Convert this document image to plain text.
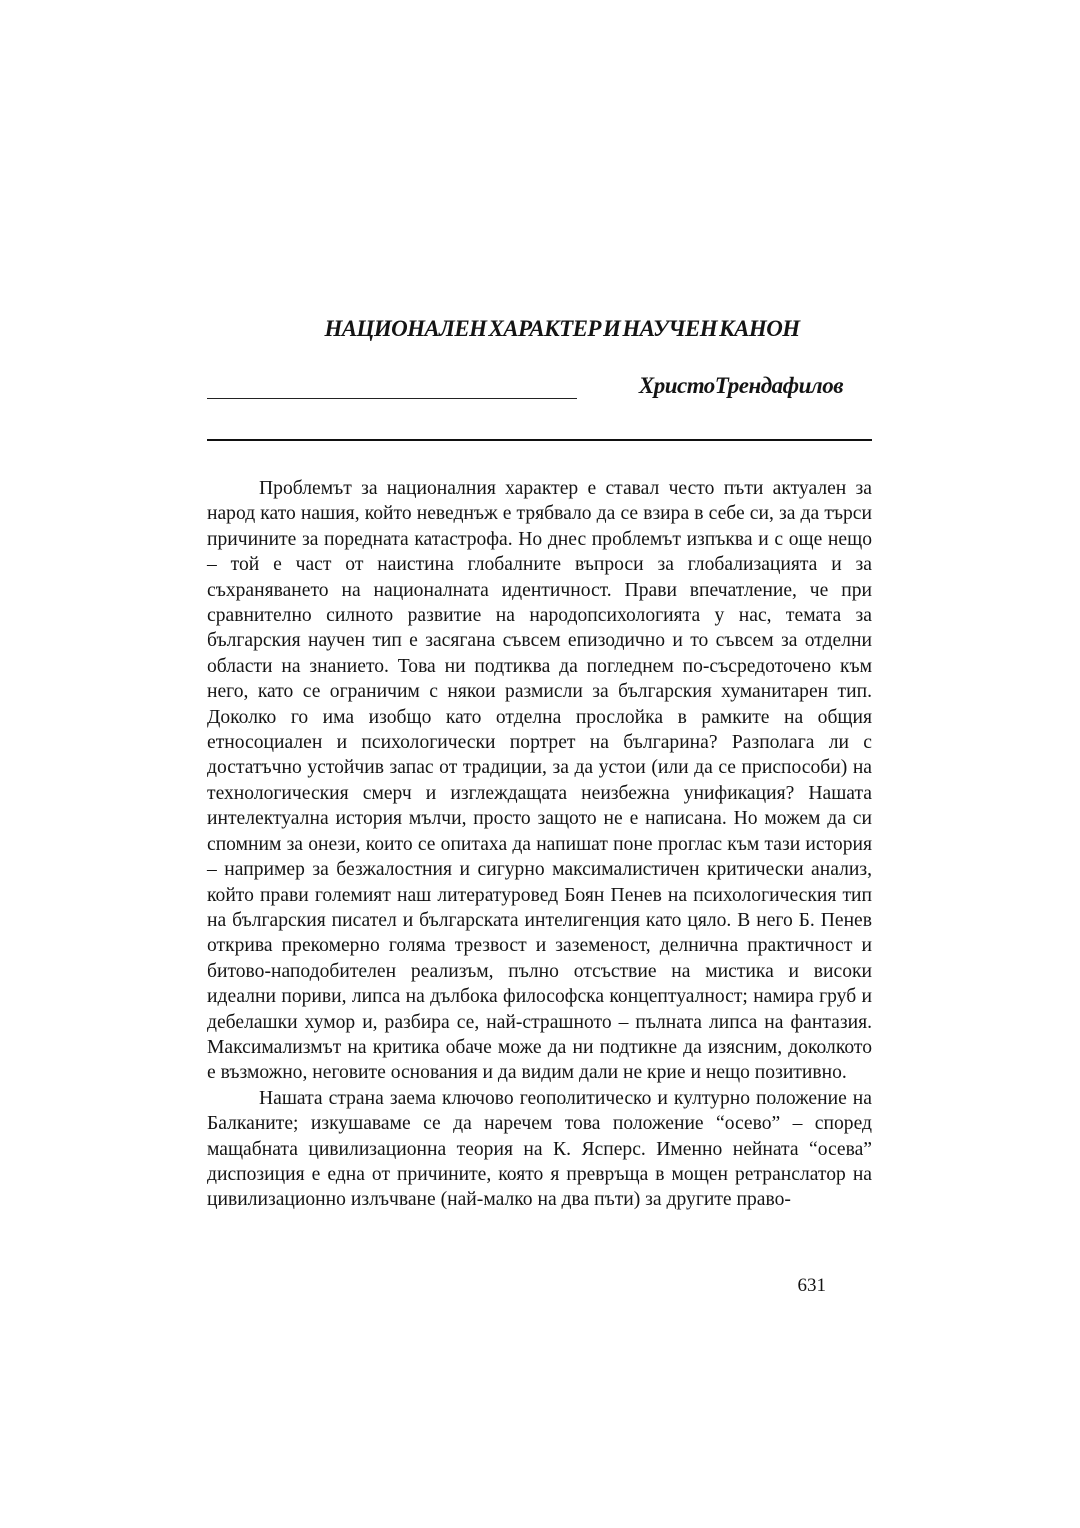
НАЦИОНАЛЕН ХАРАКТЕР И НАУЧЕН КАНОН
ХристоТрендафилов

Проблемът за националния характер е ставал често пъти актуален за народ като нашия, който неведнъж е трябвало да се взира в себе си, за да търси причините за поредната катастрофа. Но днес проблемът изпъква и с още нещо – той е част от наистина глобалните въпроси за глобализацията и за съхраняването на националната идентичност. Прави впечатление, че при сравнително силното развитие на народопсихологията у нас, темата за българския научен тип е засягана съвсем епизодично и то съвсем за отделни области на знанието. Това ни подтиква да погледнем по-съсредоточено към него, като се ограничим с някои размисли за българския хуманитарен тип. Доколко го има изобщо като отделна прослойка в рамките на общия етносоциален и психологически портрет на българина? Разполага ли с достатъчно устойчив запас от традиции, за да устои (или да се приспособи) на технологическия смерч и изглеждащата неизбежна унификация? Нашата интелектуална история мълчи, просто защото не е написана. Но можем да си спомним за онези, които се опитаха да напишат поне проглас към тази история – например за безжалостния и сигурно максималистичен критически анализ, който прави големият наш литературовед Боян Пенев на психологическия тип на българския писател и българската интелигенция като цяло. В него Б. Пенев открива прекомерно голяма трезвост и заземеност, делнична практичност и битово-наподобителен реализъм, пълно отсъствие на мистика и високи идеални пориви, липса на дълбока философска концептуалност; намира груб и дебелашки хумор и, разбира се, най-страшното – пълната липса на фантазия. Максимализмът на критика обаче може да ни подтикне да изясним, доколкото е възможно, неговите основания и да видим дали не крие и нещо позитивно.

Нашата страна заема ключово геополитическо и културно положение на Балканите; изкушаваме се да наречем това положение “осево” – според мащабната цивилизационна теория на К. Ясперс. Именно нейната “осева” диспозиция е една от причините, която я превръща в мощен ретранслатор на цивилизационно излъчване (най-малко на два пъти) за другите право-

631
